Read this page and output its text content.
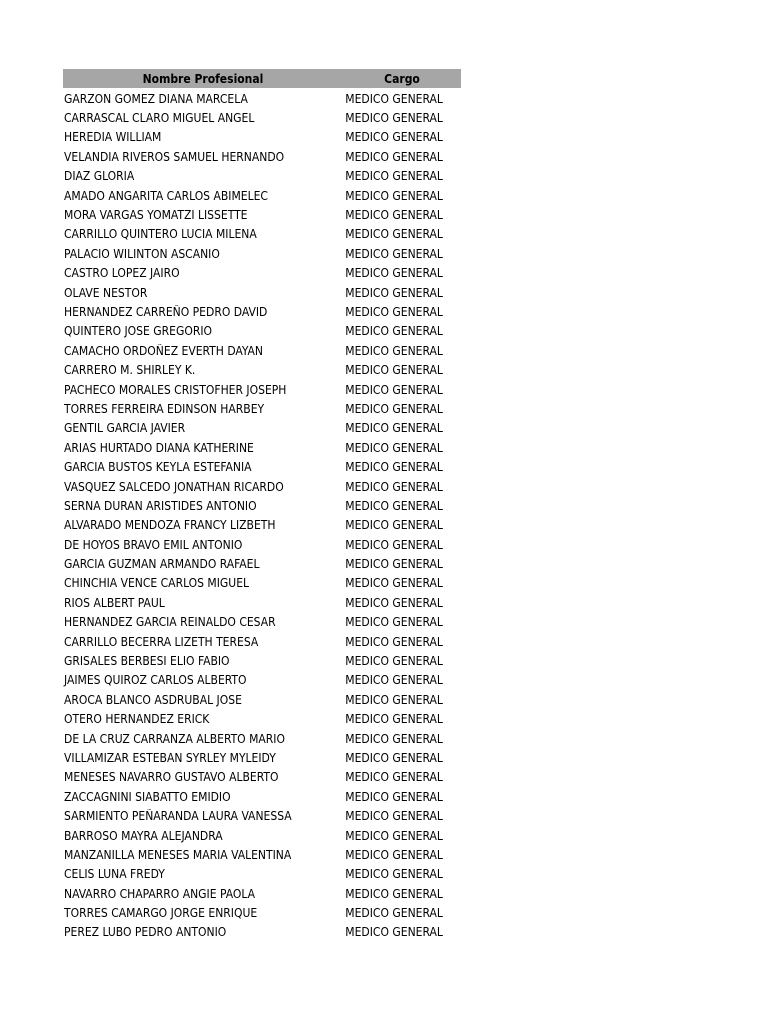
Nombre Profesional	Cargo
GARZON GOMEZ DIANA MARCELA	MEDICO GENERAL
CARRASCAL CLARO MIGUEL ANGEL	MEDICO GENERAL
HEREDIA WILLIAM	MEDICO GENERAL
VELANDIA RIVEROS SAMUEL HERNANDO	MEDICO GENERAL
DIAZ GLORIA	MEDICO GENERAL
AMADO ANGARITA CARLOS ABIMELEC	MEDICO GENERAL
MORA VARGAS YOMATZI LISSETTE	MEDICO GENERAL
CARRILLO QUINTERO LUCIA MILENA	MEDICO GENERAL
PALACIO WILINTON ASCANIO	MEDICO GENERAL
CASTRO LOPEZ JAIRO	MEDICO GENERAL
OLAVE NESTOR	MEDICO GENERAL
HERNANDEZ CARREÑO PEDRO DAVID	MEDICO GENERAL
QUINTERO JOSE GREGORIO	MEDICO GENERAL
CAMACHO ORDOÑEZ EVERTH DAYAN	MEDICO GENERAL
CARRERO M. SHIRLEY K.	MEDICO GENERAL
PACHECO MORALES CRISTOFHER JOSEPH	MEDICO GENERAL
TORRES FERREIRA EDINSON HARBEY	MEDICO GENERAL
GENTIL GARCIA JAVIER	MEDICO GENERAL
ARIAS HURTADO DIANA KATHERINE	MEDICO GENERAL
GARCIA BUSTOS KEYLA ESTEFANIA	MEDICO GENERAL
VASQUEZ SALCEDO JONATHAN RICARDO	MEDICO GENERAL
SERNA DURAN ARISTIDES ANTONIO	MEDICO GENERAL
ALVARADO MENDOZA FRANCY LIZBETH	MEDICO GENERAL
DE HOYOS BRAVO EMIL ANTONIO	MEDICO GENERAL
GARCIA GUZMAN ARMANDO RAFAEL	MEDICO GENERAL
CHINCHIA VENCE CARLOS MIGUEL	MEDICO GENERAL
RIOS ALBERT PAUL	MEDICO GENERAL
HERNANDEZ GARCIA REINALDO CESAR	MEDICO GENERAL
CARRILLO BECERRA LIZETH TERESA	MEDICO GENERAL
GRISALES BERBESI ELIO FABIO	MEDICO GENERAL
JAIMES QUIROZ CARLOS ALBERTO	MEDICO GENERAL
AROCA BLANCO ASDRUBAL JOSE	MEDICO GENERAL
OTERO HERNANDEZ ERICK	MEDICO GENERAL
DE LA CRUZ CARRANZA ALBERTO MARIO	MEDICO GENERAL
VILLAMIZAR ESTEBAN SYRLEY MYLEIDY	MEDICO GENERAL
MENESES NAVARRO GUSTAVO ALBERTO	MEDICO GENERAL
ZACCAGNINI SIABATTO EMIDIO	MEDICO GENERAL
SARMIENTO PEÑARANDA LAURA VANESSA	MEDICO GENERAL
BARROSO MAYRA ALEJANDRA	MEDICO GENERAL
MANZANILLA MENESES MARIA VALENTINA	MEDICO GENERAL
CELIS LUNA FREDY	MEDICO GENERAL
NAVARRO CHAPARRO ANGIE PAOLA	MEDICO GENERAL
TORRES CAMARGO JORGE ENRIQUE	MEDICO GENERAL
PEREZ LUBO PEDRO ANTONIO	MEDICO GENERAL
